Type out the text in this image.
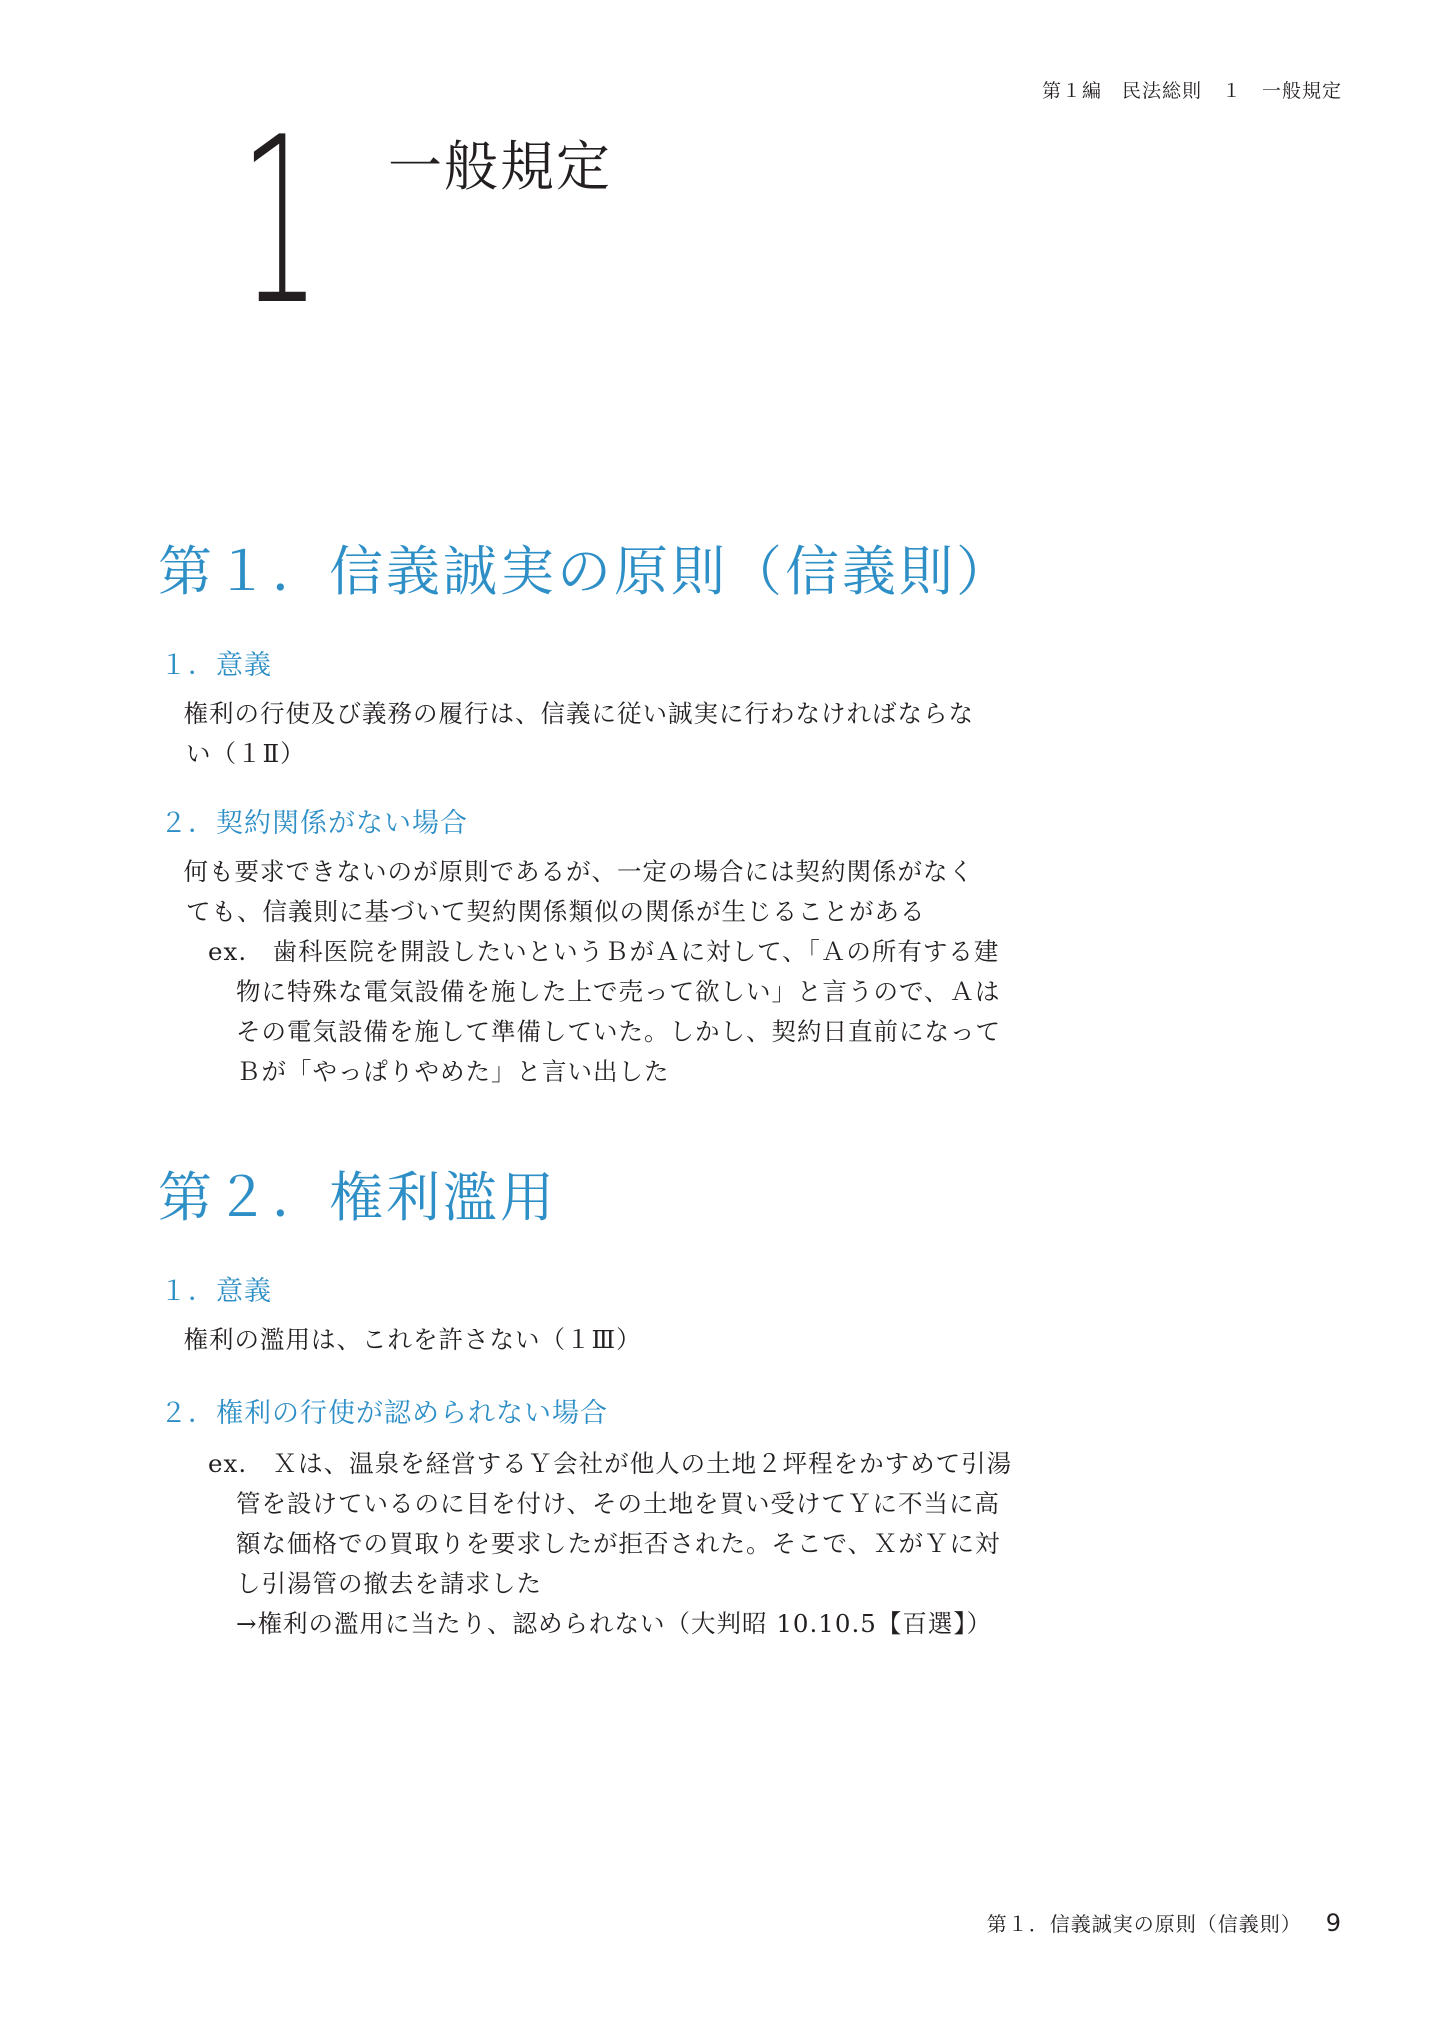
第１編　民法総則　１　一般規定
1 一般規定
第１．信義誠実の原則（信義則）
１．意義
　権利の行使及び義務の履行は、信義に従い誠実に行わなければならな
い（１Ⅱ）
２．契約関係がない場合
　何も要求できないのが原則であるが、一定の場合には契約関係がなく
ても、信義則に基づいて契約関係類似の関係が生じることがある
ex.　歯科医院を開設したいというＢがＡに対して、「Ａの所有する建
物に特殊な電気設備を施した上で売って欲しい」と言うので、Ａは
その電気設備を施して準備していた。しかし、契約日直前になって
Ｂが「やっぱりやめた」と言い出した
第２．権利濫用
１．意義
　権利の濫用は、これを許さない（１Ⅲ）
２．権利の行使が認められない場合
ex.　Ｘは、温泉を経営するＹ会社が他人の土地２坪程をかすめて引湯
管を設けているのに目を付け、その土地を買い受けてＹに不当に高
額な価格での買取りを要求したが拒否された。そこで、ＸがＹに対
し引湯管の撤去を請求した
→権利の濫用に当たり、認められない（大判昭 10.10.5【百選】）
第１．信義誠実の原則（信義則） 9
